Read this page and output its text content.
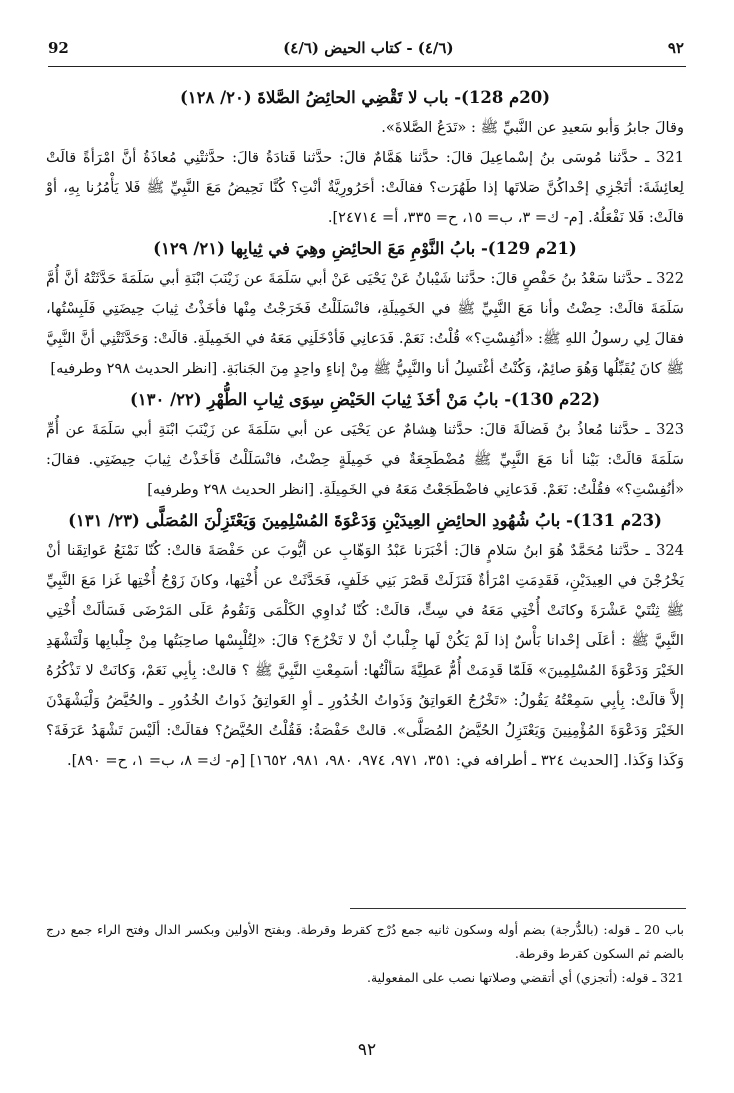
92	(٤/٦) - كتاب الحيض (٤/٦)	٩٢
(20م 128)- باب لا تَقْضِي الحائِضُ الصَّلاةَ (٢٠/ ١٢٨)

وقالَ جابرُ وَأبو سَعيدِ عن النَّبيِّ ﷺ : «تَدَعُ الصَّلاةَ».

321 ـ حدَّثنا مُوسَى بنُ إسْماعِيلَ قالَ: حدَّثنا هَمَّامٌ قالَ: حدَّثنا قَتادَةُ قالَ: حدَّثتْنِي مُعاذَةُ أنَّ امْرَأةً قالَتْ لِعائِشَةَ: أتَجْزِي إحْداكُنَّ صَلاتَها إذا طَهُرَت؟ فقالَتْ: أحَرُورِيَّةٌ أنْتِ؟ كُنَّا نَحِيضُ مَعَ النَّبِيِّ ﷺ فَلا يَأْمُرُنا بِهِ، أوْ قالَتْ: فَلا نَفْعَلُهُ. [م- ك= ٣، ب= ١٥، ح= ٣٣٥، أ= ٢٤٧١٤].

(21م 129)- بابُ النَّوْمِ مَعَ الحائِضِ وهِيَ في ثِيابِها (٢١/ ١٢٩)

322 ـ حدَّثنا سَعْدُ بنُ حَفْصٍ قالَ: حدَّثنا شَيْبانُ عَنْ يَحْيَى عَنْ أبي سَلَمَةَ عن زَيْنَبَ ابْنَةِ أبي سَلَمَةَ حَدَّثَتْهُ أنَّ أُمَّ سَلَمَةَ قالَتْ: حِضْتُ وأنا مَعَ النَّبِيِّ ﷺ في الخَمِيلَةِ، فانْسَلَلْتُ فَخَرَجْتُ مِنْها فأخَذْتُ ثِيابَ حِيضَتِي فَلَبِسْتُها، فقالَ لِي رسولُ اللهِ ﷺ: «أنُفِسْتِ؟» قُلْتُ: نَعَمْ. فَدَعانِي فَأدْخَلَنِي مَعَهُ في الخَمِيلَةِ. قالَتْ: وَحَدَّثَتْنِي أنَّ النَّبِيَّ ﷺ كانَ يُقَبِّلُها وَهُوَ صائِمٌ، وَكُنْتُ أغْتَسِلُ أنا والنَّبِيُّ ﷺ مِنْ إناءٍ واحِدٍ مِنَ الجَنابَةِ. [انظر الحديث ٢٩٨ وطرفيه]

(22م 130)- بابُ مَنْ أخَذَ ثِيابَ الحَيْضِ سِوَى ثِيابِ الطُّهْرِ (٢٢/ ١٣٠)

323 ـ حدَّثنا مُعاذُ بنُ فَضالَةَ قالَ: حدَّثنا هِشامٌ عن يَحْيَى عن أبي سَلَمَةَ عن زَيْنَبَ ابْنَةِ أبي سَلَمَةَ عن أُمِّ سَلَمَةَ قالَتْ: بَيْنا أنا مَعَ النَّبِيِّ ﷺ مُضْطَجِعَةٌ في خَمِيلَةٍ حِضْتُ، فانْسَلَلْتُ فَأخَذْتُ ثِيابَ حِيضَتِي. فقالَ: «أنُفِسْتِ؟» فقُلْتُ: نَعَمْ. فَدَعانِي فاضْطَجَعْتُ مَعَهُ في الخَمِيلَةِ. [انظر الحديث ٢٩٨ وطرفيه]

(23م 131)- بابُ شُهُودِ الحائِضِ العِيدَيْنِ وَدَعْوَةَ المُسْلِمِينَ وَيَعْتَزِلْنَ المُصَلَّى (٢٣/ ١٣١)

324 ـ حدَّثنا مُحَمَّدٌ هُوَ ابنُ سَلامٍ قالَ: أخْبَرَنا عَبْدُ الوَهّابِ عن أيُّوبَ عن حَفْصَةَ قالتْ: كُنّا نَمْنَعُ عَواتِقَنا أنْ يَخْرُجْنَ في العِيدَيْنِ، فَقَدِمَتِ امْرَأةٌ فَنَزَلَتْ قَصْرَ بَنِي خَلَفٍ، فَحَدَّثَتْ عن أُخْتِها، وكانَ زَوْجُ أُخْتِها غَزا مَعَ النَّبِيِّ ﷺ ثِنْتَيْ عَشْرَةَ وكانَتْ أُخْتِي مَعَهُ في سِتٍّ، قالَتْ: كُنّا نُداوِي الكَلْمَى وَنَقُومُ عَلَى المَرْضَى فَسَألَتْ أُخْتِي النَّبِيَّ ﷺ : أعَلَى إحْدانا بَأْسٌ إذا لَمْ يَكُنْ لَها جِلْبابٌ أنْ لا تَخْرُجَ؟ قالَ: «لِتُلْبِسْها صاحِبَتُها مِنْ جِلْبابِها وَلْتَشْهَدِ الخَيْرَ وَدَعْوَةَ المُسْلِمِينَ» فَلَمّا قَدِمَتْ أُمُّ عَطِيَّةَ سَألْتُها: أسَمِعْتِ النَّبِيَّ ﷺ ؟ قالتْ: بِأبِي نَعَمْ، وَكانَتْ لا تَذْكُرُهُ إلاَّ قالَتْ: بِأبِي سَمِعْتُهُ يَقُولُ: «تَخْرُجُ العَواتِقُ وَذَواتُ الخُدُورِ ـ أوِ العَواتِقُ ذَواتُ الخُدُورِ ـ والحُيَّضُ وَلْيَشْهَدْنَ الخَيْرَ وَدَعْوَةَ المُؤْمِنِينَ وَيَعْتَزِلُ الحُيَّضُ المُصَلَّى». قالتْ حَفْصَةُ: فَقُلْتُ الحُيَّضُ؟ فقالَتْ: ألَيْسَ تَشْهَدُ عَرَفَةَ؟ وَكَذا وَكَذا. [الحديث ٣٢٤ ـ أطرافه في: ٣٥١، ٩٧١، ٩٧٤، ٩٨٠، ٩٨١، ١٦٥٢] [م- ك= ٨، ب= ١، ح= ٨٩٠].

باب 20 ـ قوله: (بالدُّرجة) بضم أوله وسكون ثانيه جمع دُرْج كقرط وقرطة. وبفتح الأولين وبكسر الدال وفتح الراء جمع درج بالضم ثم السكون كقرط وقرطة.

321 ـ قوله: (أتجزي) أي أتقضي وصلاتها نصب على المفعولية.

٩٢
